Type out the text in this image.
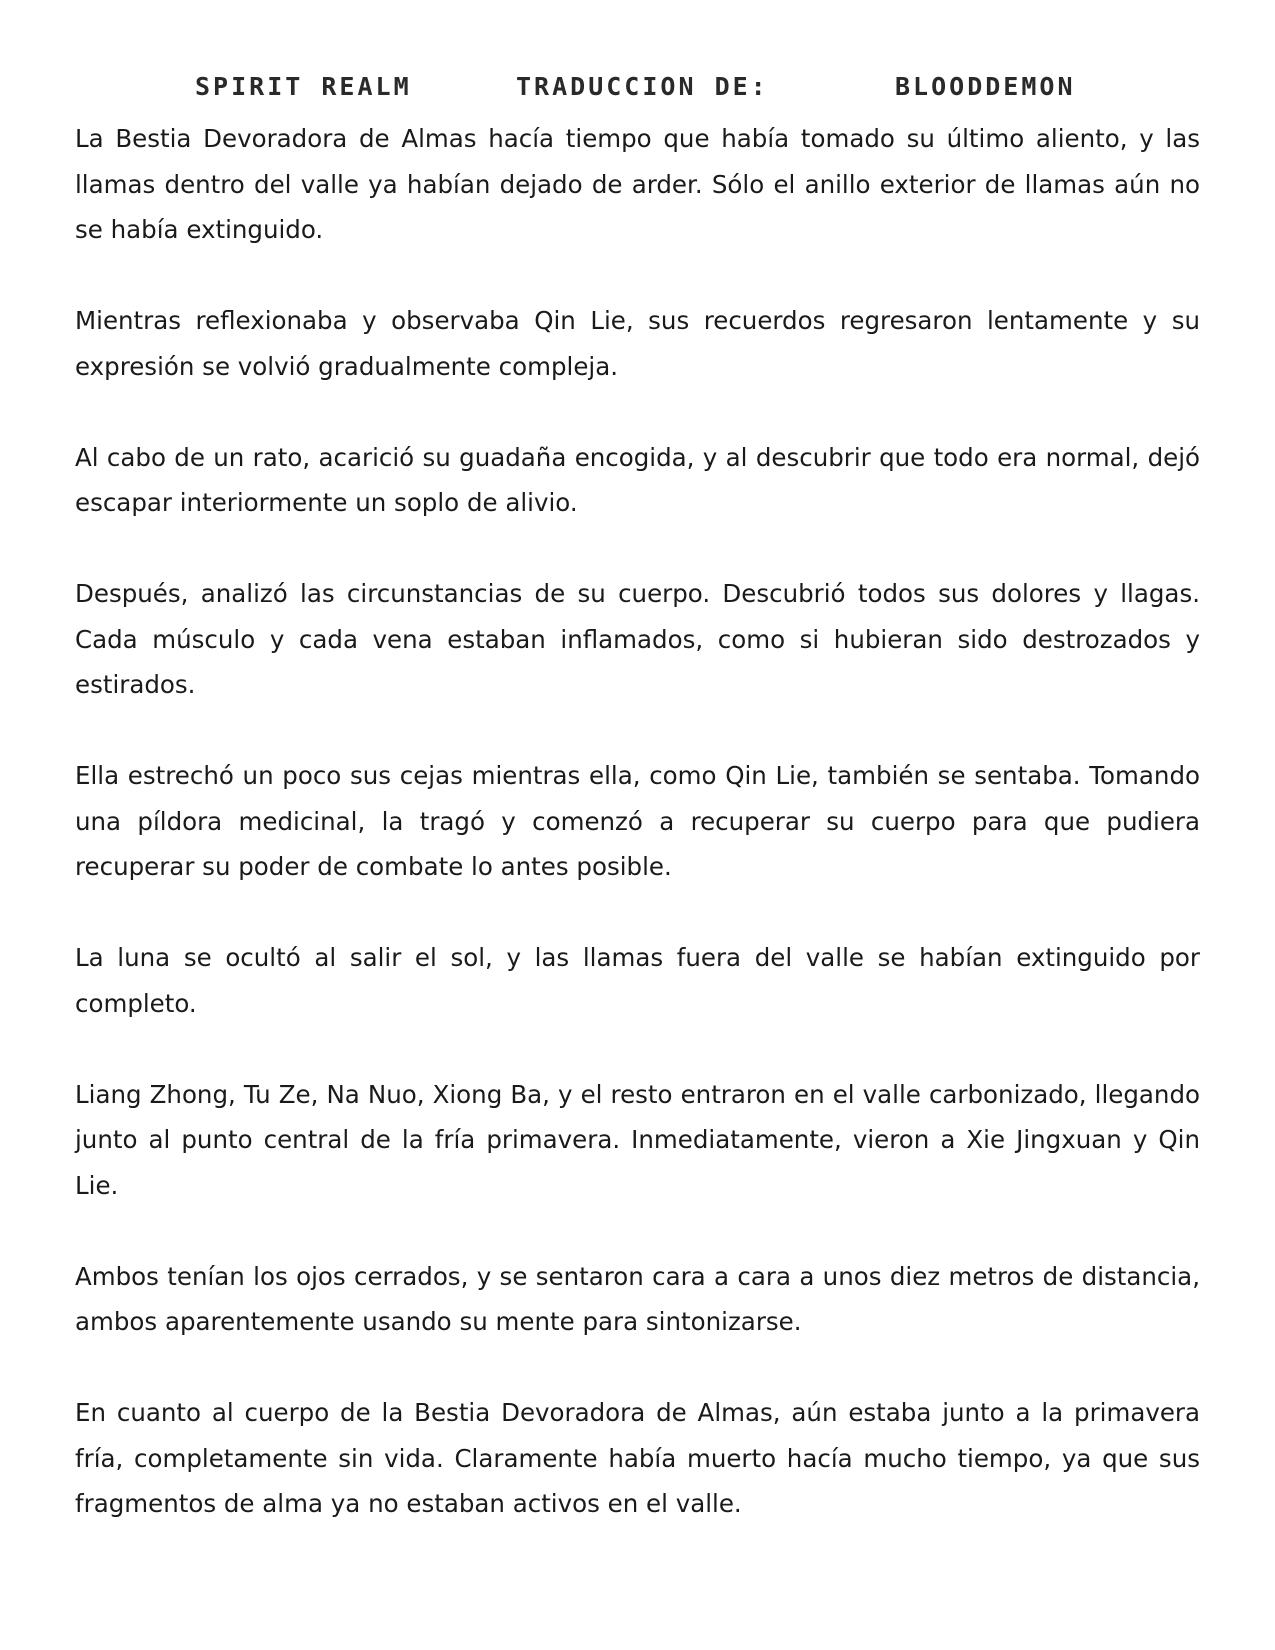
SPIRIT REALM	TRADUCCION DE:	BLOODDEMON

La Bestia Devoradora de Almas hacía tiempo que había tomado su último aliento, y las llamas dentro del valle ya habían dejado de arder. Sólo el anillo exterior de llamas aún no se había extinguido.

Mientras reflexionaba y observaba Qin Lie, sus recuerdos regresaron lentamente y su expresión se volvió gradualmente compleja.

Al cabo de un rato, acarició su guadaña encogida, y al descubrir que todo era normal, dejó escapar interiormente un soplo de alivio.

Después, analizó las circunstancias de su cuerpo. Descubrió todos sus dolores y llagas. Cada músculo y cada vena estaban inflamados, como si hubieran sido destrozados y estirados.

Ella estrechó un poco sus cejas mientras ella, como Qin Lie, también se sentaba. Tomando una píldora medicinal, la tragó y comenzó a recuperar su cuerpo para que pudiera recuperar su poder de combate lo antes posible.

La luna se ocultó al salir el sol, y las llamas fuera del valle se habían extinguido por completo.

Liang Zhong, Tu Ze, Na Nuo, Xiong Ba, y el resto entraron en el valle carbonizado, llegando junto al punto central de la fría primavera. Inmediatamente, vieron a Xie Jingxuan y Qin Lie.

Ambos tenían los ojos cerrados, y se sentaron cara a cara a unos diez metros de distancia, ambos aparentemente usando su mente para sintonizarse.

En cuanto al cuerpo de la Bestia Devoradora de Almas, aún estaba junto a la primavera fría, completamente sin vida. Claramente había muerto hacía mucho tiempo, ya que sus fragmentos de alma ya no estaban activos en el valle.
